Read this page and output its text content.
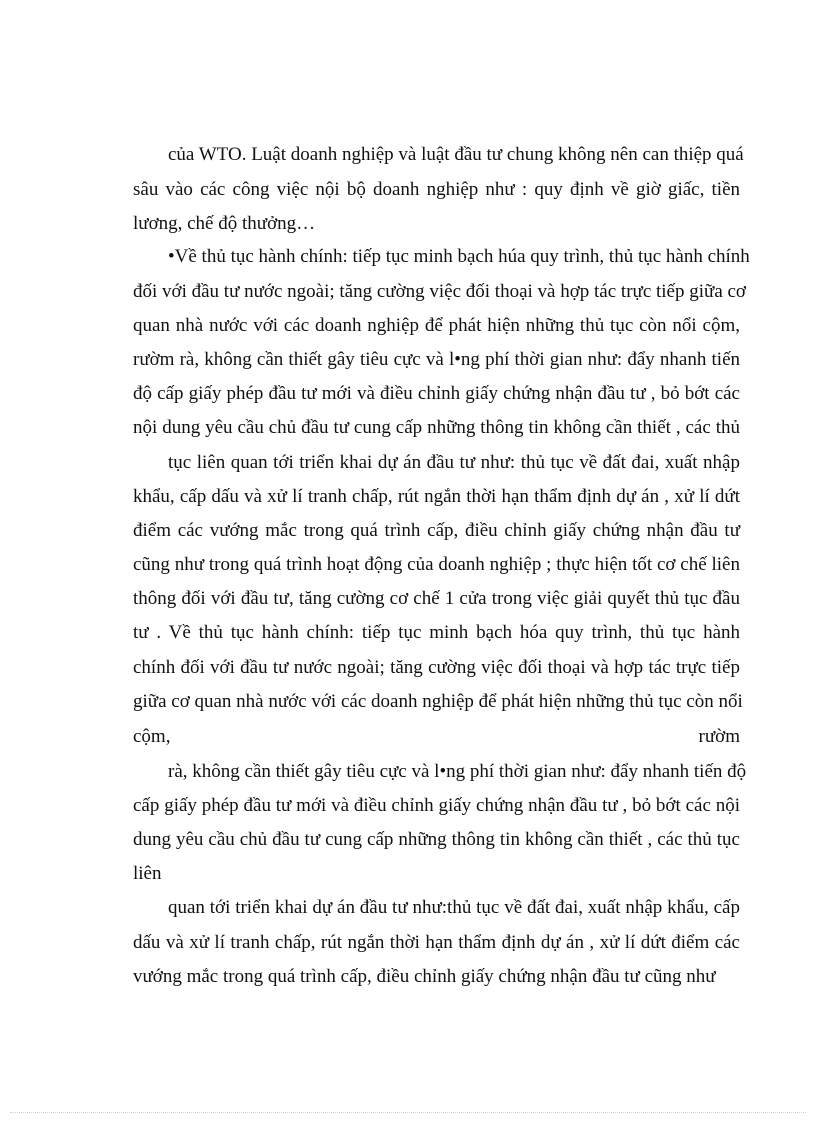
của WTO. Luật doanh nghiệp và luật đầu tư chung không nên can thiệp quá
sâu vào các công việc nội bộ doanh nghiệp như : quy định về giờ giấc, tiền
lương, chế độ thưởng…
•Về thủ tục hành chính: tiếp tục minh bạch húa quy trình, thủ tục hành chính
đối với đầu tư nước ngoài; tăng cường việc đối thoại và hợp tác trực tiếp giữa cơ
quan nhà nước với các doanh nghiệp để phát hiện những thủ tục còn nổi cộm,
rườm rà, không cần thiết gây tiêu cực và l•ng phí thời gian như: đẩy nhanh tiến
độ cấp giấy phép đầu tư mới và điều chỉnh giấy chứng nhận đầu tư , bỏ bớt các
nội dung yêu cầu chủ đầu tư cung cấp những thông tin không cần thiết , các thủ
tục liên quan tới triển khai dự án đầu tư như: thủ tục về đất đai, xuất nhập
khẩu, cấp dấu và xử lí tranh chấp, rút ngắn thời hạn thẩm định dự án , xử lí dứt
điểm các vướng mắc trong quá trình cấp, điều chỉnh giấy chứng nhận đầu tư
cũng như trong quá trình hoạt động của doanh nghiệp ; thực hiện tốt cơ chế liên
thông đối với đầu tư, tăng cường cơ chế 1 cửa trong việc giải quyết thủ tục đầu
tư . Về thủ tục hành chính: tiếp tục minh bạch hóa quy trình, thủ tục hành
chính đối với đầu tư nước ngoài; tăng cường việc đối thoại và hợp tác trực tiếp
giữa cơ quan nhà nước với các doanh nghiệp để phát hiện những thủ tục còn nổi
cộm,	rườm
rà, không cần thiết gây tiêu cực và l•ng phí thời gian như: đẩy nhanh tiến độ
cấp giấy phép đầu tư mới và điều chỉnh giấy chứng nhận đầu tư , bỏ bớt các nội
dung yêu cầu chủ đầu tư cung cấp những thông tin không cần thiết , các thủ tục
liên
quan tới triển khai dự án đầu tư như:thủ tục về đất đai, xuất nhập khẩu, cấp
dấu và xử lí tranh chấp, rút ngắn thời hạn thẩm định dự án , xử lí dứt điểm các
vướng mắc trong quá trình cấp, điều chỉnh giấy chứng nhận đầu tư cũng như
